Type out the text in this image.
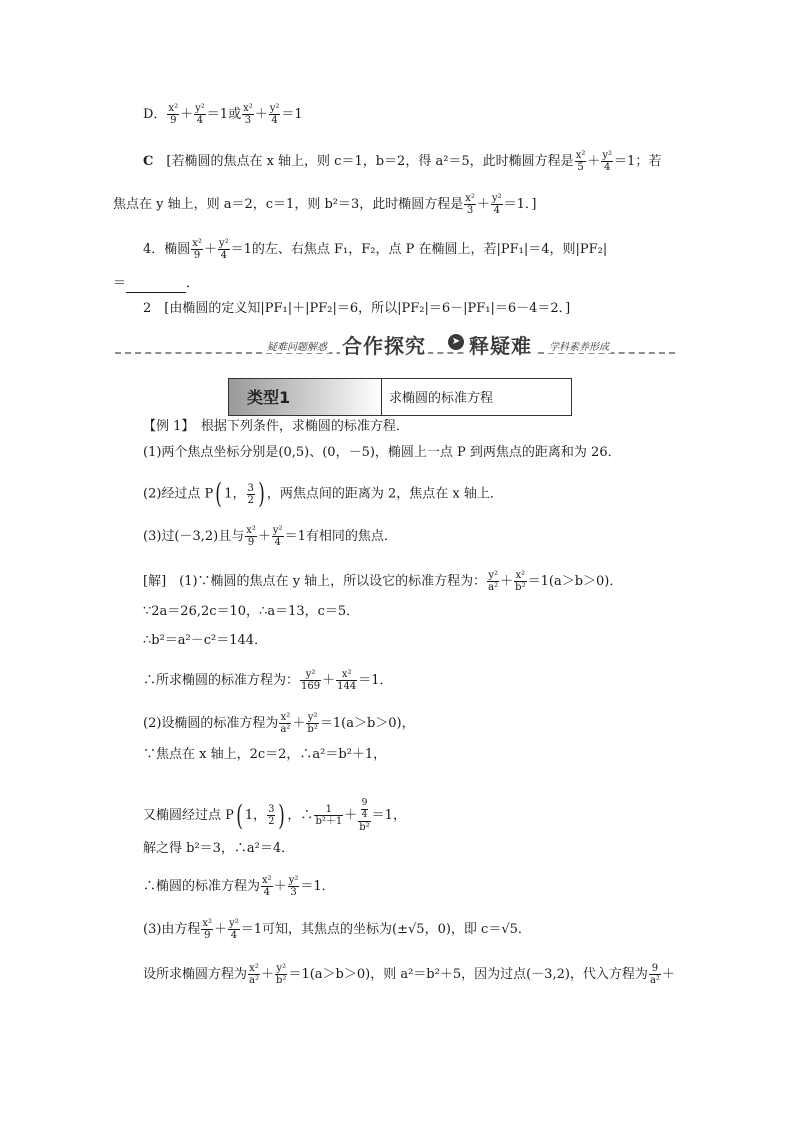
D． $\frac{\text{x²}}{9} + \frac{\text{y²}}{4} =1$或 $\frac{\text{x²}}{3} + \frac{\text{y²}}{4} =1$
C　 [若椭圆的焦点在 x 轴上，则 c＝1，b＝2，得 a²＝5，此时椭圆方程是 $\frac{\text{x²}}{5} + \frac{\text{y²}}{4} =1$；若
焦点在 y 轴上，则 a＝2，c＝1，则 b²＝3，此时椭圆方程是 $\frac{\text{x²}}{3} + \frac{\text{y²}}{4} =1$．]
4．椭圆 $\frac{\text{x²}}{9} + \frac{\text{y²}}{4} =1$的左、右焦点 F₁，F₂，点 P 在椭圆上，若|PF₁|＝4，则|PF₂|
＝	．
2　[由椭圆的定义知|PF₁|＋|PF₂|＝6，所以|PF₂|＝6－|PF₁|＝6－4＝2．]
疑难问题解惑 合作探究	➤ 释疑难 学科素养形成
类型1	求椭圆的标准方程
【例 1】　根据下列条件，求椭圆的标准方程．
(1)两个焦点坐标分别是(0,5)、(0，－5)，椭圆上一点 P 到两焦点的距离和为 26．
(2)经过点 P( 1， $\frac{3}{2}$ ) ，两焦点间的距离为 2，焦点在 x 轴上．
(3)过(－3,2)且与 $\frac{\text{x²}}{9} + \frac{\text{y²}}{4} =1$有相同的焦点．
[解]　(1)∵椭圆的焦点在 y 轴上，所以设它的标准方程为： $\frac{\text{y²}}{\text{a²}} + \frac{\text{x²}}{\text{b²}} =1(a>b>0)$．
∵2a＝26,2c＝10，∴a＝13，c＝5．
∴b²＝a²－c²＝144．
∴所求椭圆的标准方程为： $\frac{\text{y²}}{169} + \frac{\text{x²}}{144} =1$．
(2)设椭圆的标准方程为 $\frac{\text{x²}}{\text{a²}} + \frac{\text{y²}}{\text{b²}} =1(a>b>0)$，
∵焦点在 x 轴上，2c＝2，∴a²＝b²＋1，
又椭圆经过点 P( 1， $\frac{3}{2}$ ) ，∴ $\frac{1}{\text{b²＋1}} + \frac{\frac{9}{4}}{\text{b²}} =1$，
解之得 b²＝3，∴a²＝4．
∴椭圆的标准方程为 $\frac{\text{x²}}{4} + \frac{\text{y²}}{3} =1$．
(3)由方程 $\frac{\text{x²}}{9} + \frac{\text{y²}}{4} =1$可知，其焦点的坐标为(±√5，0)，即 c＝√5．
设所求椭圆方程为 $\frac{\text{x²}}{\text{a²}} + \frac{\text{y²}}{\text{b²}} =1(a>b>0)$，则 a²＝b²＋5，因为过点(－3,2)，代入方程为 $\frac{9}{\text{a²}}$ ＋
